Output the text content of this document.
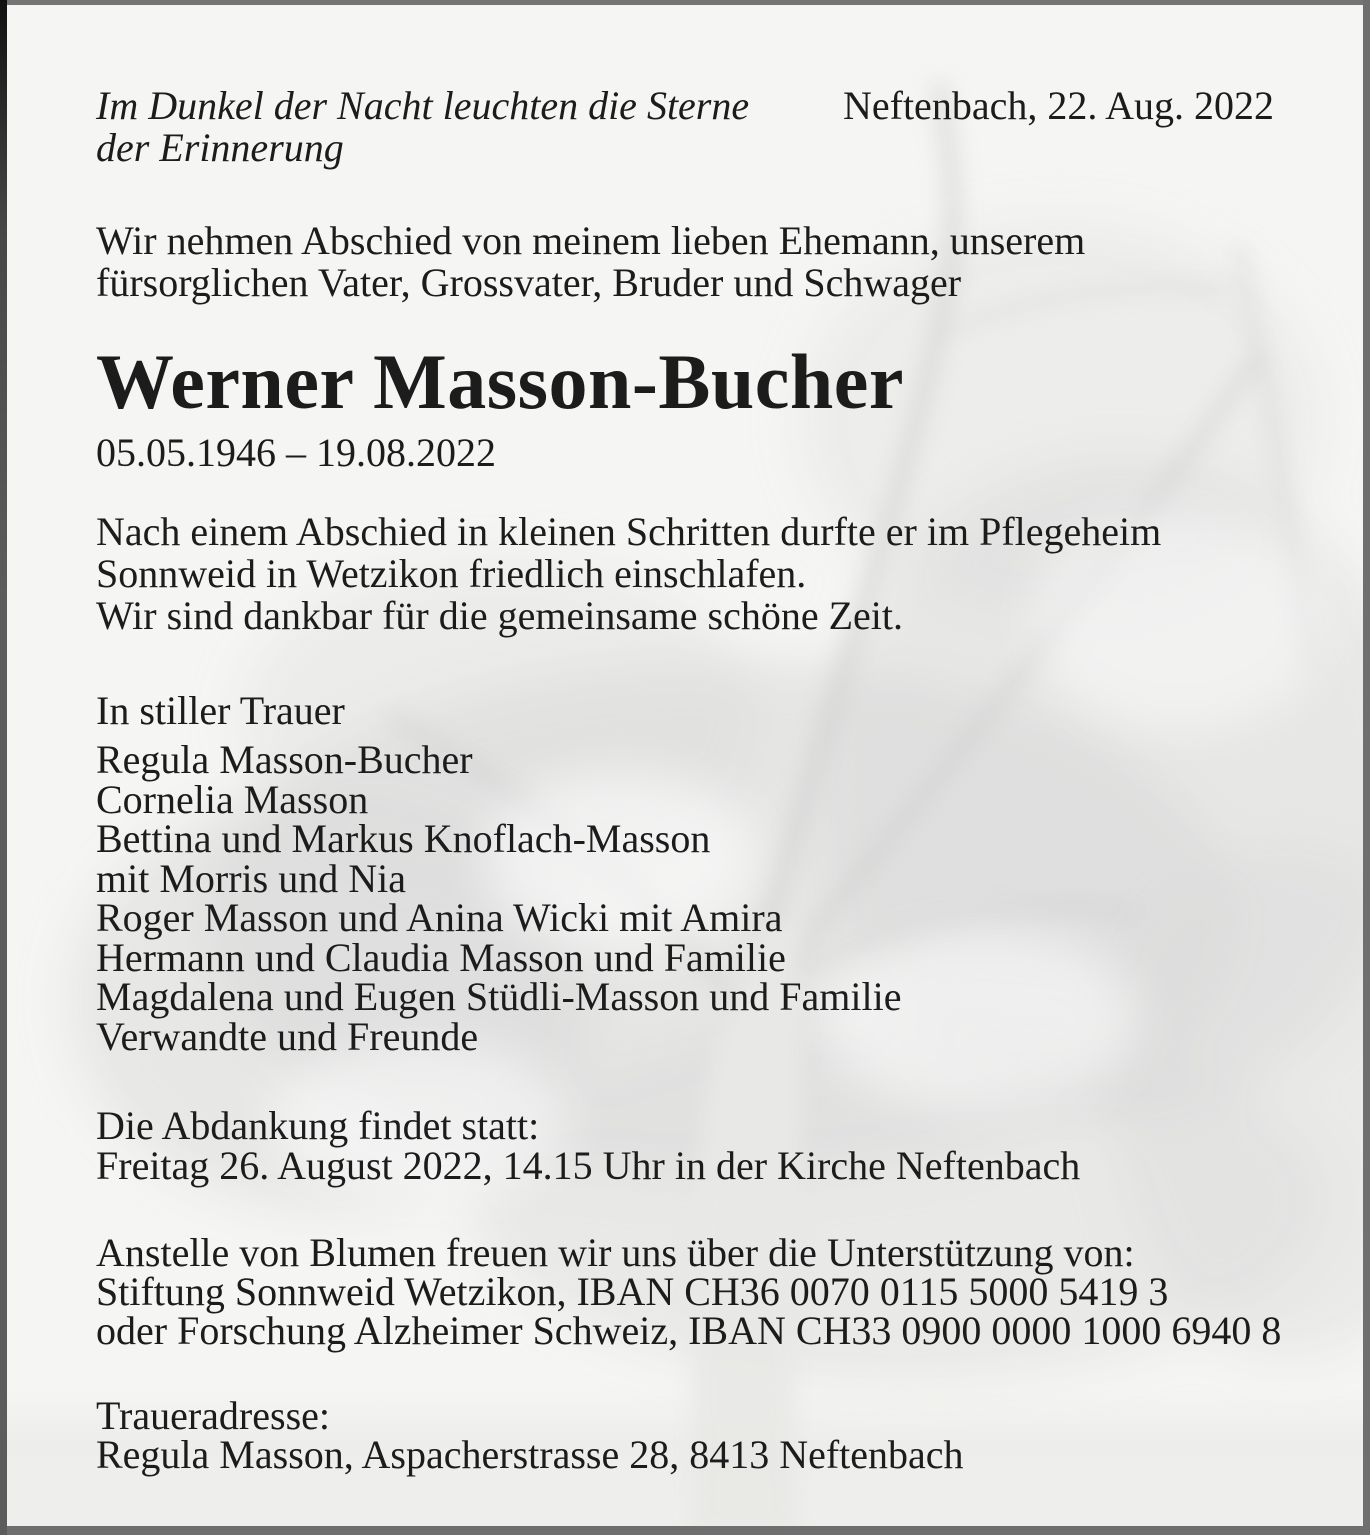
Im Dunkel der Nacht leuchten die Sterne
der Erinnerung
Neftenbach, 22. Aug. 2022
Wir nehmen Abschied von meinem lieben Ehemann, unserem
fürsorglichen Vater, Grossvater, Bruder und Schwager
Werner Masson-Bucher
05.05.1946 – 19.08.2022
Nach einem Abschied in kleinen Schritten durfte er im Pflegeheim
Sonnweid in Wetzikon friedlich einschlafen.
Wir sind dankbar für die gemeinsame schöne Zeit.
In stiller Trauer
Regula Masson-Bucher
Cornelia Masson
Bettina und Markus Knoflach-Masson
mit Morris und Nia
Roger Masson und Anina Wicki mit Amira
Hermann und Claudia Masson und Familie
Magdalena und Eugen Stüdli-Masson und Familie
Verwandte und Freunde
Die Abdankung findet statt:
Freitag 26. August 2022, 14.15 Uhr in der Kirche Neftenbach
Anstelle von Blumen freuen wir uns über die Unterstützung von:
Stiftung Sonnweid Wetzikon, IBAN CH36 0070 0115 5000 5419 3
oder Forschung Alzheimer Schweiz, IBAN CH33 0900 0000 1000 6940 8
Traueradresse:
Regula Masson, Aspacherstrasse 28, 8413 Neftenbach
